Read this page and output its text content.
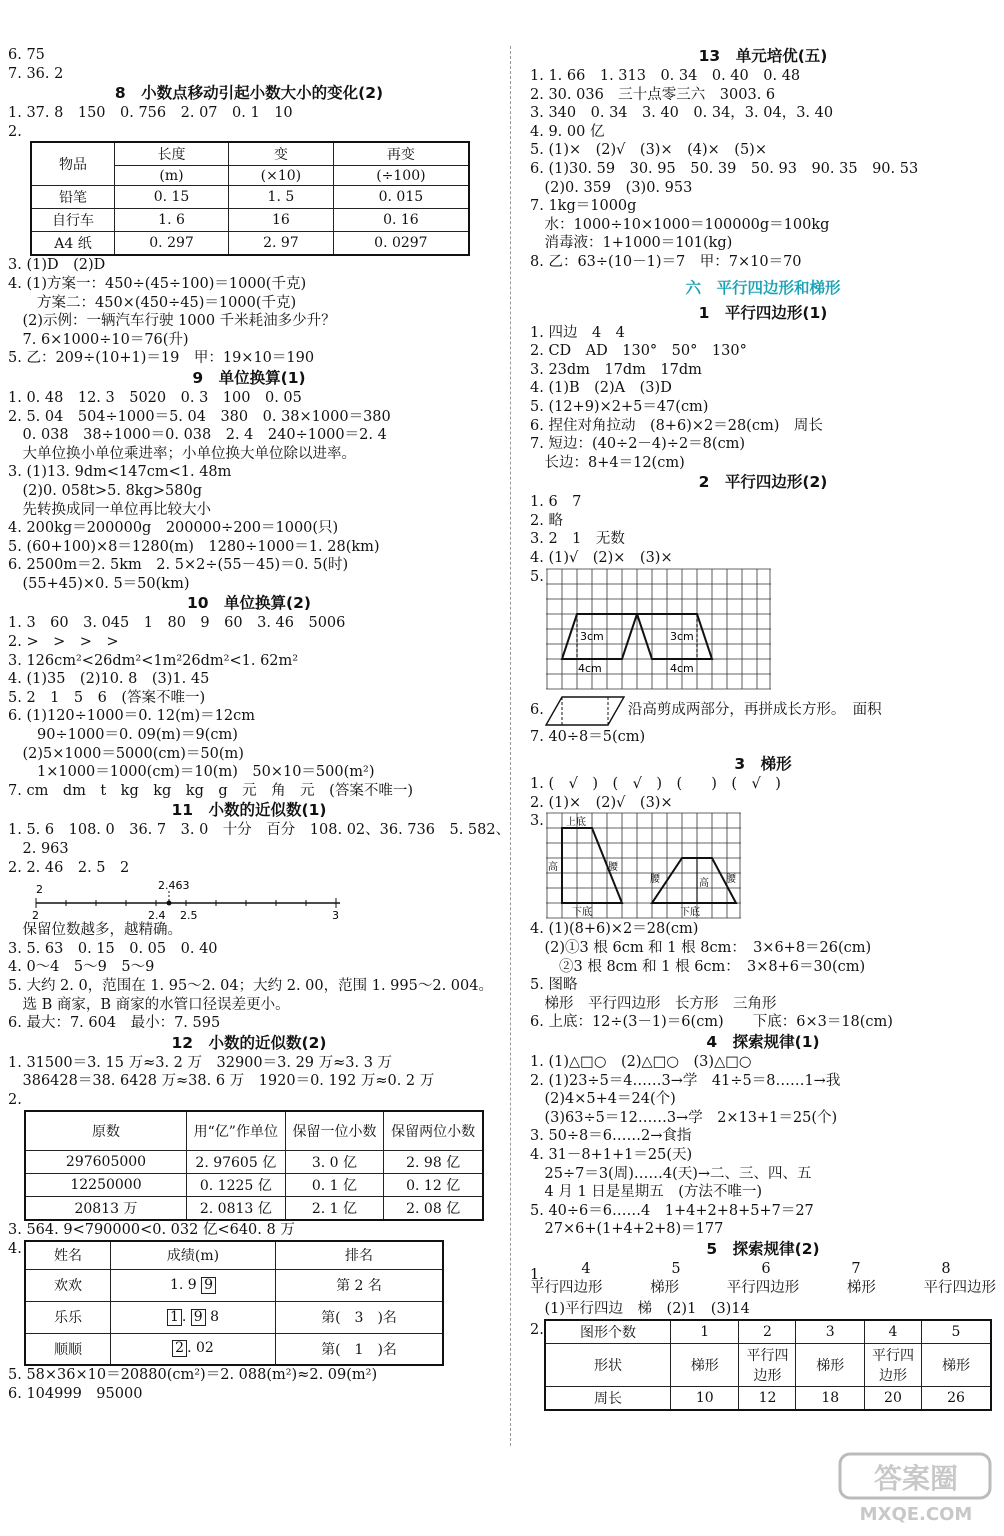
6. 75
7. 36. 2
8　小数点移动引起小数大小的变化(2)
1. 37. 8　150　0. 756　2. 07　0. 1　10
2.
物品	长度	变	再变
	(m)	(×10)	(÷100)
铅笔	0. 15	1. 5	0. 015
自行车	1. 6	16	0. 16
A4 纸	0. 297	2. 97	0. 0297
3. (1)D　(2)D
4. (1)方案一：450÷(45÷100)＝1000(千克)
　　方案二：450×(450÷45)＝1000(千克)
　(2)示例：一辆汽车行驶 1000 千米耗油多少升？
　7. 6×1000÷10＝76(升)
5. 乙：209÷(10+1)＝19　甲：19×10＝190
9　单位换算(1)
1. 0. 48　12. 3　5020　0. 3　100　0. 05
2. 5. 04　504÷1000＝5. 04　380　0. 38×1000＝380
　0. 038　38÷1000＝0. 038　2. 4　240÷1000＝2. 4
　大单位换小单位乘进率；小单位换大单位除以进率。
3. (1)13. 9dm<147cm<1. 48m
　(2)0. 058t>5. 8kg>580g
　先转换成同一单位再比较大小
4. 200kg＝200000g　200000÷200＝1000(只)
5. (60+100)×8＝1280(m)　1280÷1000＝1. 28(km)
6. 2500m＝2. 5km　2. 5×2÷(55－45)＝0. 5(时)
　(55+45)×0. 5＝50(km)
10　单位换算(2)
1. 3　60　3. 045　1　80　9　60　3. 46　5006
2. >　>　>　>
3. 126cm²<26dm²<1m²26dm²<1. 62m²
4. (1)35　(2)10. 8　(3)1. 45
5. 2　1　5　6　(答案不唯一)
6. (1)120÷1000＝0. 12(m)＝12cm
　　90÷1000＝0. 09(m)＝9(cm)
　(2)5×1000＝5000(cm)＝50(m)
　　1×1000＝1000(cm)＝10(m)　50×10＝500(m²)
7. cm　dm　t　kg　kg　kg　g　元　角　元　(答案不唯一)
11　小数的近似数(1)
1. 5. 6　108. 0　36. 7　3. 0　十分　百分　108. 02、36. 736　5. 582、
　2. 963
2. 2. 46　2. 5　2
2.463
2
2	2.4 2.5	3
　保留位数越多，越精确。
3. 5. 63　0. 15　0. 05　0. 40
4. 0～4　5～9　5～9
5. 大约 2. 0，范围在 1. 95～2. 04；大约 2. 00，范围 1. 995～2. 004。
　选 B 商家，B 商家的水管口径误差更小。
6. 最大：7. 604　最小：7. 595
12　小数的近似数(2)
1. 31500＝3. 15 万≈3. 2 万　32900＝3. 29 万≈3. 3 万
　386428＝38. 6428 万≈38. 6 万　1920＝0. 192 万≈0. 2 万
2.
原数	用“亿”作单位	保留一位小数	保留两位小数
297605000	2. 97605 亿	3. 0 亿	2. 98 亿
12250000	0. 1225 亿	0. 1 亿	0. 12 亿
20813 万	2. 0813 亿	2. 1 亿	2. 08 亿
3. 564. 9<790000<0. 032 亿<640. 8 万
4.	姓名	成绩(m)	排名
欢欢	1. 9 9	第 2 名
乐乐	1 . 9 8	第(　3　)名
顺顺	2 . 02	第(　1　)名
5. 58×36×10＝20880(cm²)＝2. 088(m²)≈2. 09(m²)
6. 104999　95000
13　单元培优(五)
1. 1. 66　1. 313　0. 34　0. 40　0. 48
2. 30. 036　三十点零三六　3003. 6
3. 340　0. 34　3. 40　0. 34，3. 04，3. 40
4. 9. 00 亿
5. (1)×　(2)√　(3)×　(4)×　(5)×
6. (1)30. 59　30. 95　50. 39　50. 93　90. 35　90. 53
　(2)0. 359　(3)0. 953
7. 1kg＝1000g
　水：1000÷10×1000＝100000g＝100kg
　消毒液：1+1000＝101(kg)
8. 乙：63÷(10－1)＝7　甲：7×10＝70
六　平行四边形和梯形
1　平行四边形(1)
1. 四边　4　4
2. CD　AD　130°　50°　130°
3. 23dm　17dm　17dm
4. (1)B　(2)A　(3)D
5. (12+9)×2+5＝47(cm)
6. 捏住对角拉动　(8+6)×2＝28(cm)　周长
7. 短边：(40÷2－4)÷2＝8(cm)
　长边：8+4＝12(cm)
2　平行四边形(2)
1. 6　7
2. 略
3. 2　1　无数
4. (1)√　(2)×　(3)×
5.
3cm
4cm
3cm
4cm
6.	沿高剪成两部分，再拼成长方形。　面积
7. 40÷8＝5(cm)
3　梯形
1. (　√　)　(　√　)　(　　)　(　√　)
2. (1)×　(2)√　(3)×
3. 上底
高	腰
下底
腰	高 腰
下底
4. (1)(8+6)×2＝28(cm)
　(2)①3 根 6cm 和 1 根 8cm：　3×6+8＝26(cm)
　　②3 根 8cm 和 1 根 6cm：　3×8+6＝30(cm)
5. 图略
　梯形　平行四边形　长方形　三角形
6. 上底：12÷(3－1)＝6(cm)　　下底：6×3＝18(cm)
4　探索规律(1)
1. (1)△□○　(2)△□○　(3)△□○
2. (1)23÷5＝4……3→学　41÷5＝8……1→我
　(2)4×5+4＝24(个)
　(3)63÷5＝12……3→学　2×13+1＝25(个)
3. 50÷8＝6……2→食指
4. 31－8+1+1＝25(天)
　25÷7＝3(周)……4(天)→二、三、四、五
　4 月 1 日是星期五　(方法不唯一)
5. 40÷6＝6……4　1+4+2+8+5+7＝27
　27×6+(1+4+2+8)＝177
5　探索规律(2)
1.	4	5	6	7	8
平行四边形	梯形	平行四边形	梯形	平行四边形
　(1)平行四边　梯　(2)1　(3)14
2.	图形个数	1	2	3	4	5
形状	梯形	平行四边形	梯形	平行四边形	梯形
周长	10	12	18	20	26
答案圈
MXQE.COM
